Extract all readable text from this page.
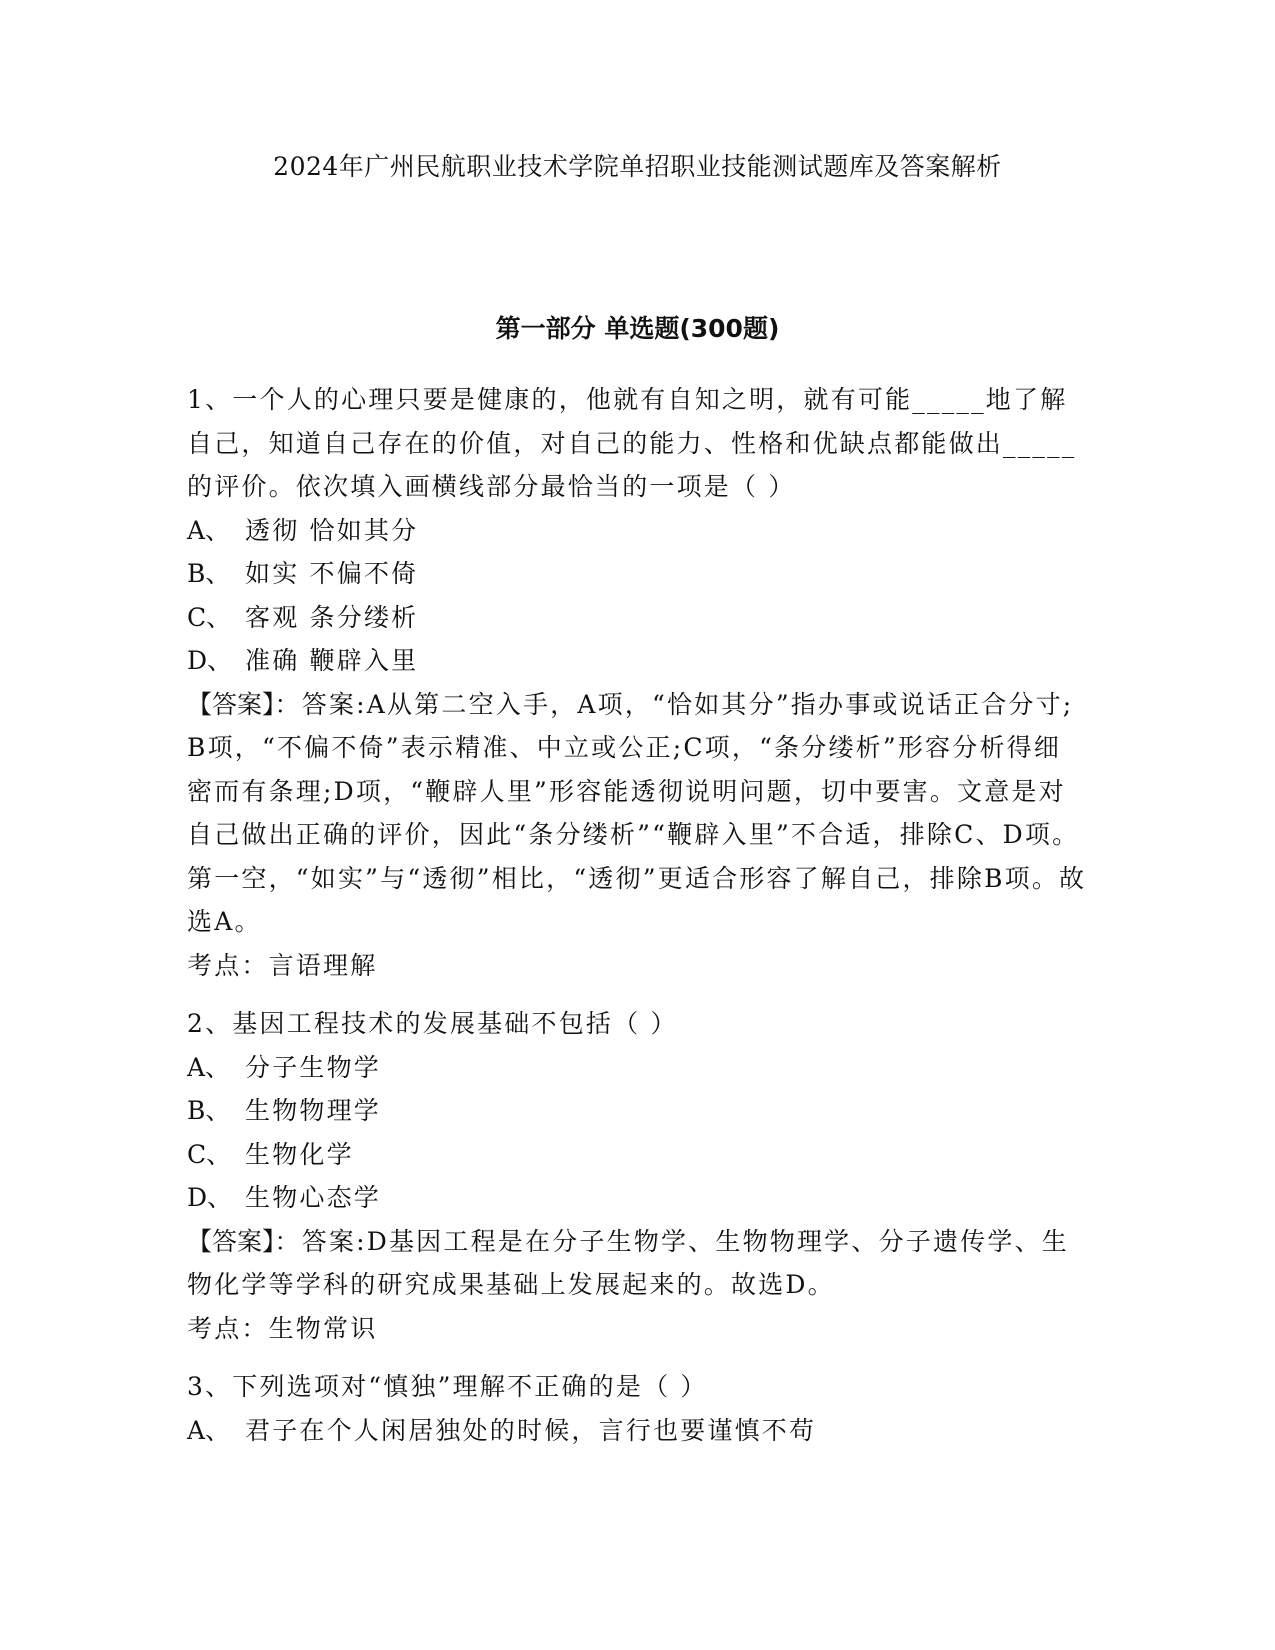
2024年广州民航职业技术学院单招职业技能测试题库及答案解析
第一部分 单选题(300题)

1、一个人的心理只要是健康的，他就有自知之明，就有可能_____地了解自己，知道自己存在的价值，对自己的能力、性格和优缺点都能做出_____的评价。依次填入画横线部分最恰当的一项是（ ）

A、 透彻 恰如其分

B、 如实 不偏不倚

C、 客观 条分缕析

D、 准确 鞭辟入里

【答案】：答案:A从第二空入手，A项，“恰如其分”指办事或说话正合分寸;B项，“不偏不倚”表示精准、中立或公正;C项，“条分缕析”形容分析得细密而有条理;D项，“鞭辟人里”形容能透彻说明问题，切中要害。文意是对自己做出正确的评价，因此“条分缕析”“鞭辟入里”不合适，排除C、D项。第一空，“如实”与“透彻”相比，“透彻”更适合形容了解自己，排除B项。故选A。

考点：言语理解

2、基因工程技术的发展基础不包括（ ）

A、 分子生物学

B、 生物物理学

C、 生物化学

D、 生物心态学

【答案】：答案:D基因工程是在分子生物学、生物物理学、分子遗传学、生物化学等学科的研究成果基础上发展起来的。故选D。

考点：生物常识

3、下列选项对“慎独”理解不正确的是（ ）

A、 君子在个人闲居独处的时候，言行也要谨慎不苟
